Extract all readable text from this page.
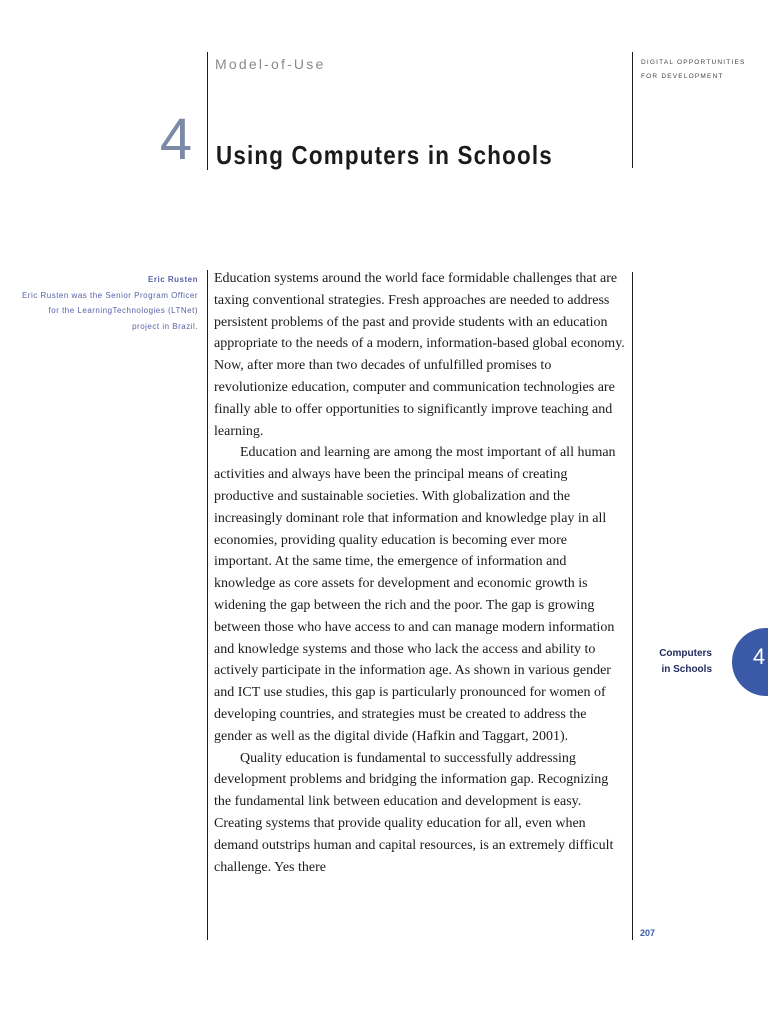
Model-of-Use	DIGITAL OPPORTUNITIES FOR DEVELOPMENT
4 Using Computers in Schools
Eric Rusten
Eric Rusten was the Senior Program Officer for the LearningTechnologies (LTNet) project in Brazil.

Education systems around the world face formidable challenges that are taxing conventional strategies. Fresh approaches are needed to address persistent problems of the past and provide students with an education appropriate to the needs of a modern, information-based global economy. Now, after more than two decades of unfulfilled promises to revolutionize education, computer and communication technologies are finally able to offer opportunities to significantly improve teaching and learning.

Education and learning are among the most important of all human activities and always have been the principal means of creating productive and sustainable societies. With globalization and the increasingly dominant role that information and knowledge play in all economies, providing quality education is becoming ever more important. At the same time, the emergence of information and knowledge as core assets for development and economic growth is widening the gap between the rich and the poor. The gap is growing between those who have access to and can manage modern information and knowledge systems and those who lack the access and ability to actively participate in the information age. As shown in various gender and ICT use studies, this gap is particularly pronounced for women of developing countries, and strategies must be created to address the gender as well as the digital divide (Hafkin and Taggart, 2001).

Quality education is fundamental to successfully addressing development problems and bridging the information gap. Recognizing the fundamental link between education and development is easy. Creating systems that provide quality education for all, even when demand outstrips human and capital resources, is an extremely difficult challenge. Yes there

Computers
in Schools
4
207
